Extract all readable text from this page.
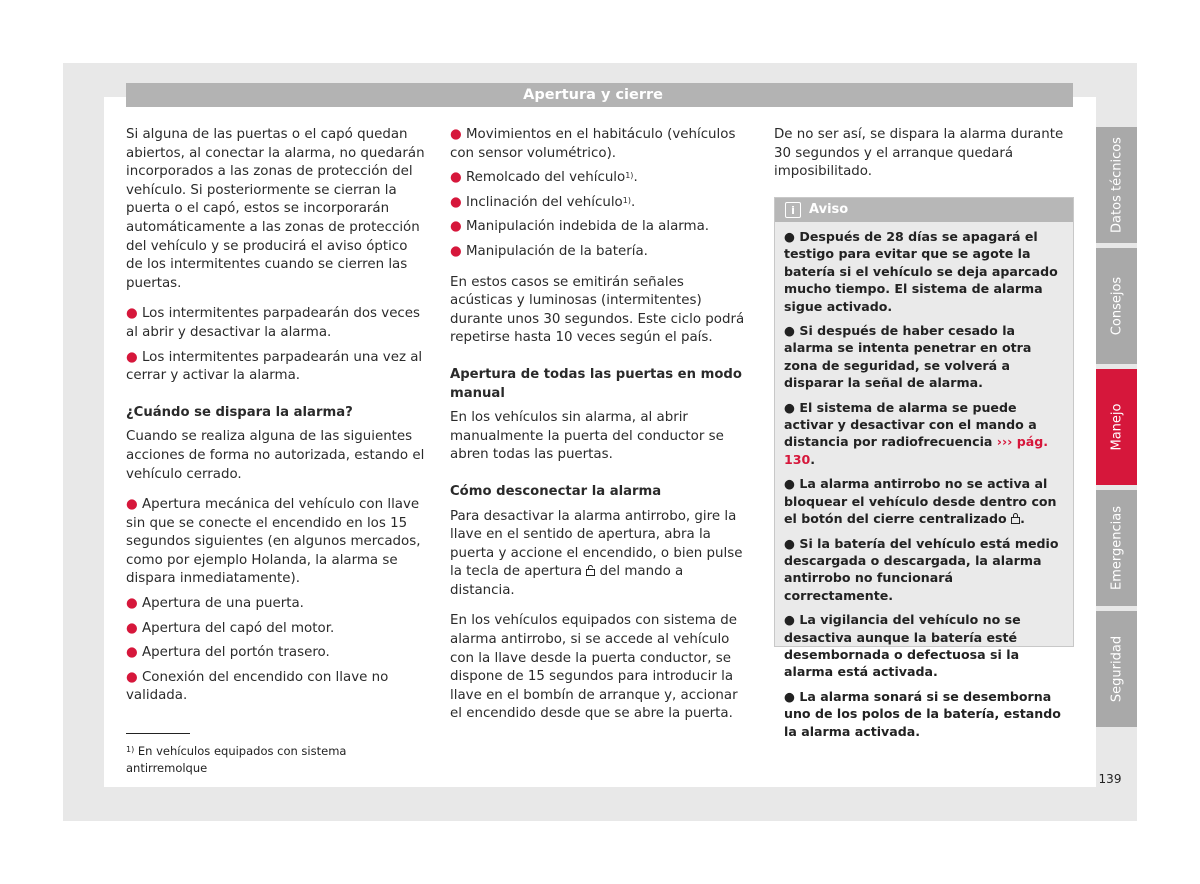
Apertura y cierre

Si alguna de las puertas o el capó quedan abiertos, al conectar la alarma, no quedarán incorporados a las zonas de protección del vehículo. Si posteriormente se cierran la puerta o el capó, estos se incorporarán automáticamente a las zonas de protección del vehículo y se producirá el aviso óptico de los intermitentes cuando se cierren las puertas.

● Los intermitentes parpadearán dos veces al abrir y desactivar la alarma.
● Los intermitentes parpadearán una vez al cerrar y activar la alarma.
¿Cuándo se dispara la alarma?

Cuando se realiza alguna de las siguientes acciones de forma no autorizada, estando el vehículo cerrado.

● Apertura mecánica del vehículo con llave sin que se conecte el encendido en los 15 segundos siguientes (en algunos mercados, como por ejemplo Holanda, la alarma se dispara inmediatamente).
● Apertura de una puerta.
● Apertura del capó del motor.
● Apertura del portón trasero.
● Conexión del encendido con llave no validada.
● Movimientos en el habitáculo (vehículos con sensor volumétrico).
● Remolcado del vehículo$^{1)}$.
● Inclinación del vehículo$^{1)}$.
● Manipulación indebida de la alarma.
● Manipulación de la batería.

En estos casos se emitirán señales acústicas y luminosas (intermitentes) durante unos 30 segundos. Este ciclo podrá repetirse hasta 10 veces según el país.

Apertura de todas las puertas en modo manual

En los vehículos sin alarma, al abrir manualmente la puerta del conductor se abren todas las puertas.

Cómo desconectar la alarma

Para desactivar la alarma antirrobo, gire la llave en el sentido de apertura, abra la puerta y accione el encendido, o bien pulse la tecla de apertura del mando a distancia.

En los vehículos equipados con sistema de alarma antirrobo, si se accede al vehículo con la llave desde la puerta conductor, se dispone de 15 segundos para introducir la llave en el bombín de arranque y, accionar el encendido desde que se abre la puerta.

De no ser así, se dispara la alarma durante 30 segundos y el arranque quedará imposibilitado.

i	Aviso
● Después de 28 días se apagará el testigo para evitar que se agote la batería si el vehículo se deja aparcado mucho tiempo. El sistema de alarma sigue activado.
● Si después de haber cesado la alarma se intenta penetrar en otra zona de seguridad, se volverá a disparar la señal de alarma.
● El sistema de alarma se puede activar y desactivar con el mando a distancia por radiofrecuencia ››› pág. 130.
● La alarma antirrobo no se activa al bloquear el vehículo desde dentro con el botón del cierre centralizado .
● Si la batería del vehículo está medio descargada o descargada, la alarma antirrobo no funcionará correctamente.
● La vigilancia del vehículo no se desactiva aunque la batería esté desembornada o defectuosa si la alarma está activada.
● La alarma sonará si se desemborna uno de los polos de la batería, estando la alarma activada.
$^{1)}$ En vehículos equipados con sistema antirremolque
139
Datos técnicos
Consejos
Manejo
Emergencias
Seguridad
